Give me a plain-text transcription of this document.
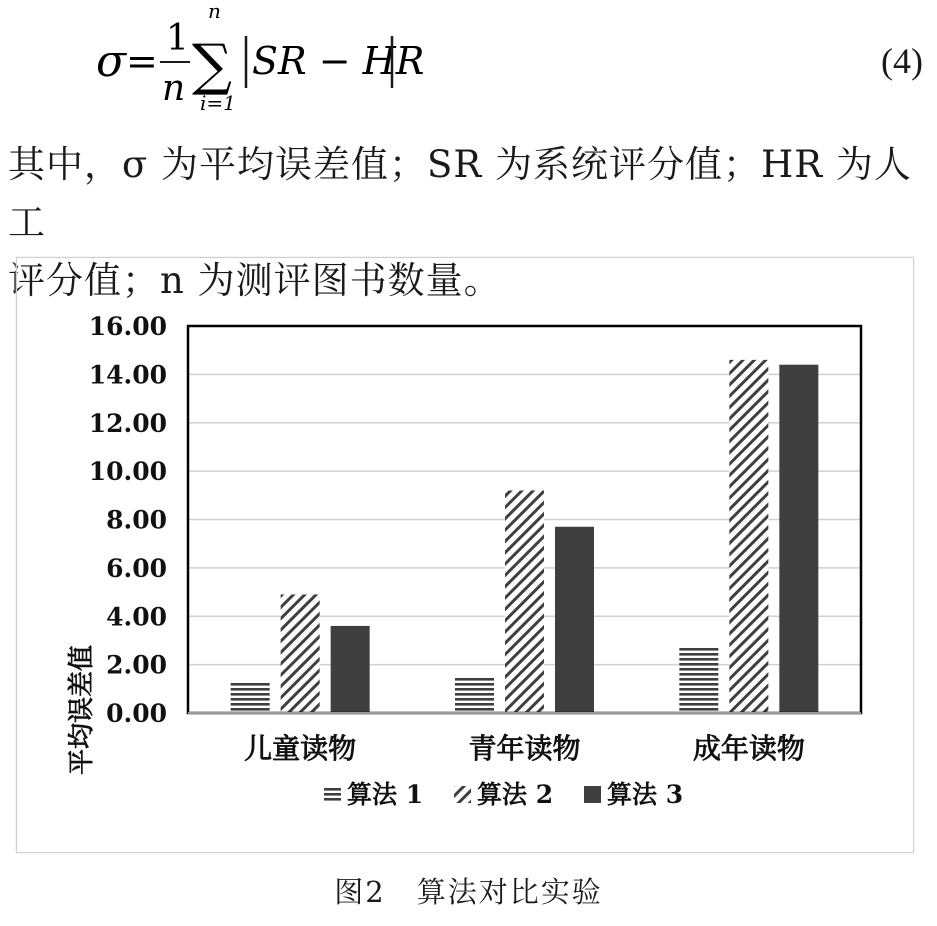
σ =
1
n
n
∑
i=1
SR − HR	(4)
其中，σ 为平均误差值；SR 为系统评分值；HR 为人工
评分值；n 为测评图书数量。
0.00
2.00
4.00
6.00
8.00
10.00
12.00
14.00
16.00
儿童读物	青年读物	成年读物
平均误差值
算法 1 算法 2 算法 3
图2　算法对比实验
